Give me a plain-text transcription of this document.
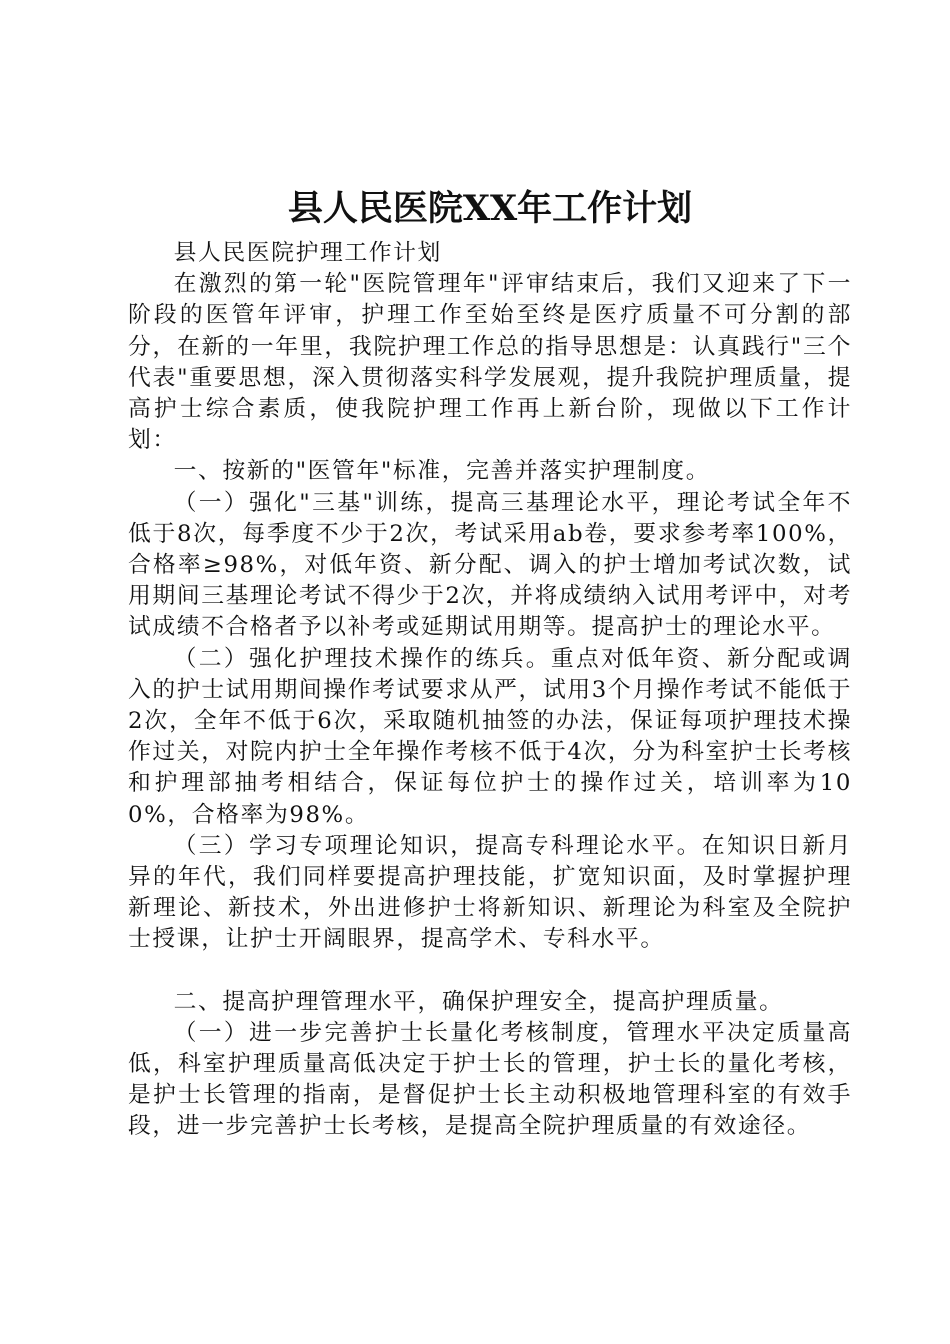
县人民医院XX年工作计划

县人民医院护理工作计划

在激烈的第一轮"医院管理年"评审结束后，我们又迎来了下一阶段的医管年评审，护理工作至始至终是医疗质量不可分割的部分，在新的一年里，我院护理工作总的指导思想是：认真践行"三个代表"重要思想，深入贯彻落实科学发展观，提升我院护理质量，提高护士综合素质，使我院护理工作再上新台阶，现做以下工作计划：

一、按新的"医管年"标准，完善并落实护理制度。

（一）强化"三基"训练，提高三基理论水平，理论考试全年不低于8次，每季度不少于2次，考试采用ab卷，要求参考率100%，合格率≥98%，对低年资、新分配、调入的护士增加考试次数，试用期间三基理论考试不得少于2次，并将成绩纳入试用考评中，对考试成绩不合格者予以补考或延期试用期等。提高护士的理论水平。

（二）强化护理技术操作的练兵。重点对低年资、新分配或调入的护士试用期间操作考试要求从严，试用3个月操作考试不能低于2次，全年不低于6次，采取随机抽签的办法，保证每项护理技术操作过关，对院内护士全年操作考核不低于4次，分为科室护士长考核和护理部抽考相结合，保证每位护士的操作过关，培训率为100%，合格率为98%。

（三）学习专项理论知识，提高专科理论水平。在知识日新月异的年代，我们同样要提高护理技能，扩宽知识面，及时掌握护理新理论、新技术，外出进修护士将新知识、新理论为科室及全院护士授课，让护士开阔眼界，提高学术、专科水平。

二、提高护理管理水平，确保护理安全，提高护理质量。

（一）进一步完善护士长量化考核制度，管理水平决定质量高低，科室护理质量高低决定于护士长的管理，护士长的量化考核，是护士长管理的指南，是督促护士长主动积极地管理科室的有效手段，进一步完善护士长考核，是提高全院护理质量的有效途径。
